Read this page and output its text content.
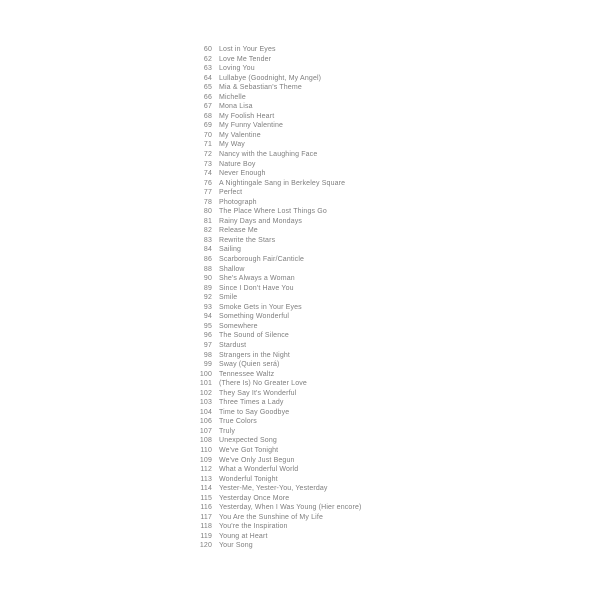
60	Lost in Your Eyes
62	Love Me Tender
63	Loving You
64	Lullabye (Goodnight, My Angel)
65	Mia & Sebastian's Theme
66	Michelle
67	Mona Lisa
68	My Foolish Heart
69	My Funny Valentine
70	My Valentine
71	My Way
72	Nancy with the Laughing Face
73	Nature Boy
74	Never Enough
76	A Nightingale Sang in Berkeley Square
77	Perfect
78	Photograph
80	The Place Where Lost Things Go
81	Rainy Days and Mondays
82	Release Me
83	Rewrite the Stars
84	Sailing
86	Scarborough Fair/Canticle
88	Shallow
90	She's Always a Woman
89	Since I Don't Have You
92	Smile
93	Smoke Gets in Your Eyes
94	Something Wonderful
95	Somewhere
96	The Sound of Silence
97	Stardust
98	Strangers in the Night
99	Sway (Quien será)
100	Tennessee Waltz
101	(There Is) No Greater Love
102	They Say It's Wonderful
103	Three Times a Lady
104	Time to Say Goodbye
106	True Colors
107	Truly
108	Unexpected Song
110	We've Got Tonight
109	We've Only Just Begun
112	What a Wonderful World
113	Wonderful Tonight
114	Yester-Me, Yester-You, Yesterday
115	Yesterday Once More
116	Yesterday, When I Was Young (Hier encore)
117	You Are the Sunshine of My Life
118	You're the Inspiration
119	Young at Heart
120	Your Song
